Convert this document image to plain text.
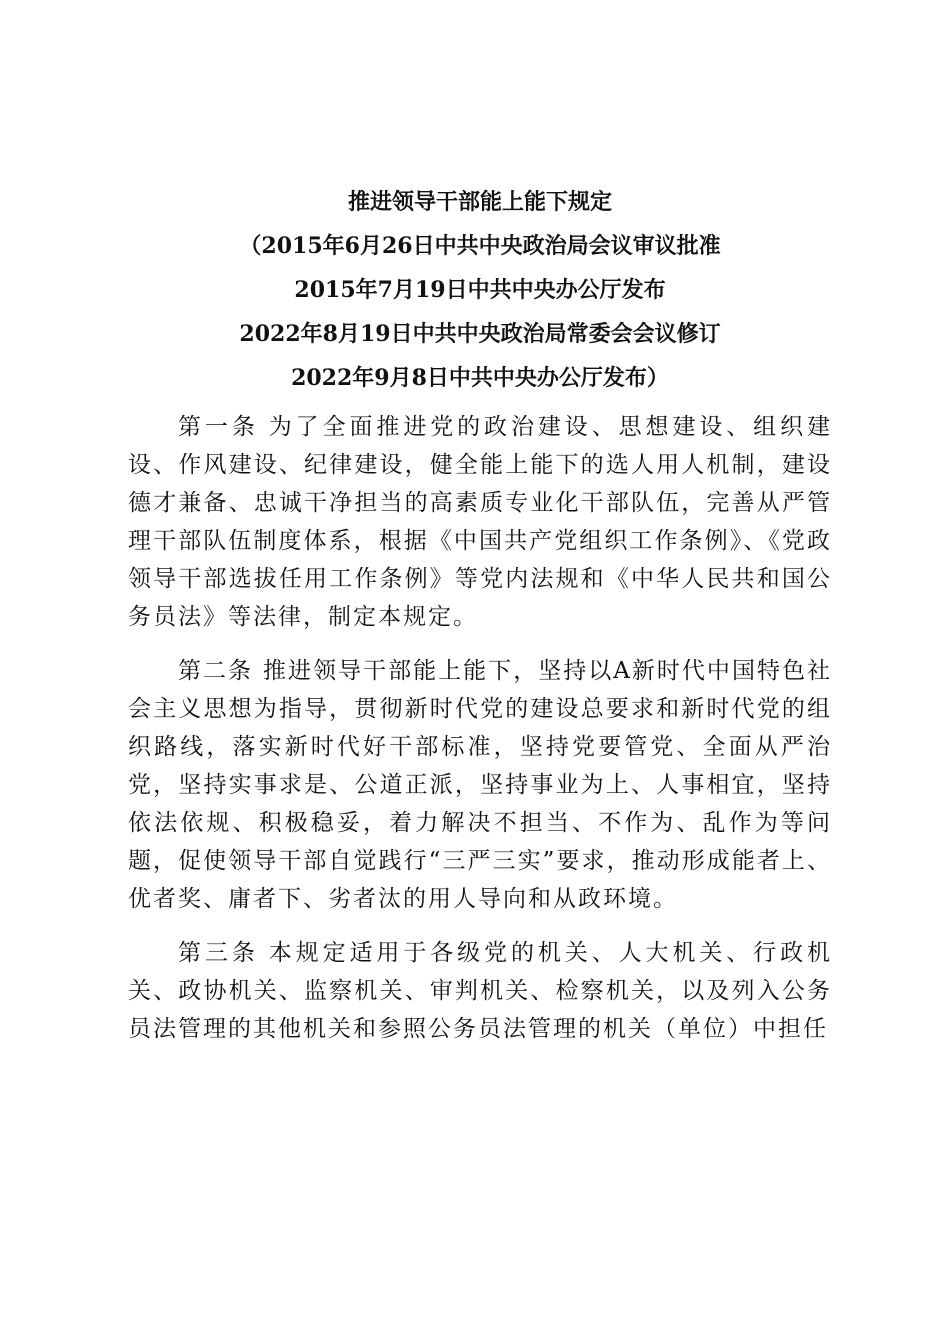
推进领导干部能上能下规定
（2015年6月26日中共中央政治局会议审议批准
2015年7月19日中共中央办公厅发布
2022年8月19日中共中央政治局常委会会议修订
2022年9月8日中共中央办公厅发布）

第一条 为了全面推进党的政治建设、思想建设、组织建设、作风建设、纪律建设，健全能上能下的选人用人机制，建设德才兼备、忠诚干净担当的高素质专业化干部队伍，完善从严管理干部队伍制度体系，根据《中国共产党组织工作条例》、《党政领导干部选拔任用工作条例》等党内法规和《中华人民共和国公务员法》等法律，制定本规定。

第二条 推进领导干部能上能下，坚持以A新时代中国特色社会主义思想为指导，贯彻新时代党的建设总要求和新时代党的组织路线，落实新时代好干部标准，坚持党要管党、全面从严治党，坚持实事求是、公道正派，坚持事业为上、人事相宜，坚持依法依规、积极稳妥，着力解决不担当、不作为、乱作为等问题，促使领导干部自觉践行“三严三实”要求，推动形成能者上、优者奖、庸者下、劣者汰的用人导向和从政环境。

第三条 本规定适用于各级党的机关、人大机关、行政机关、政协机关、监察机关、审判机关、检察机关，以及列入公务员法管理的其他机关和参照公务员法管理的机关（单位）中担任
